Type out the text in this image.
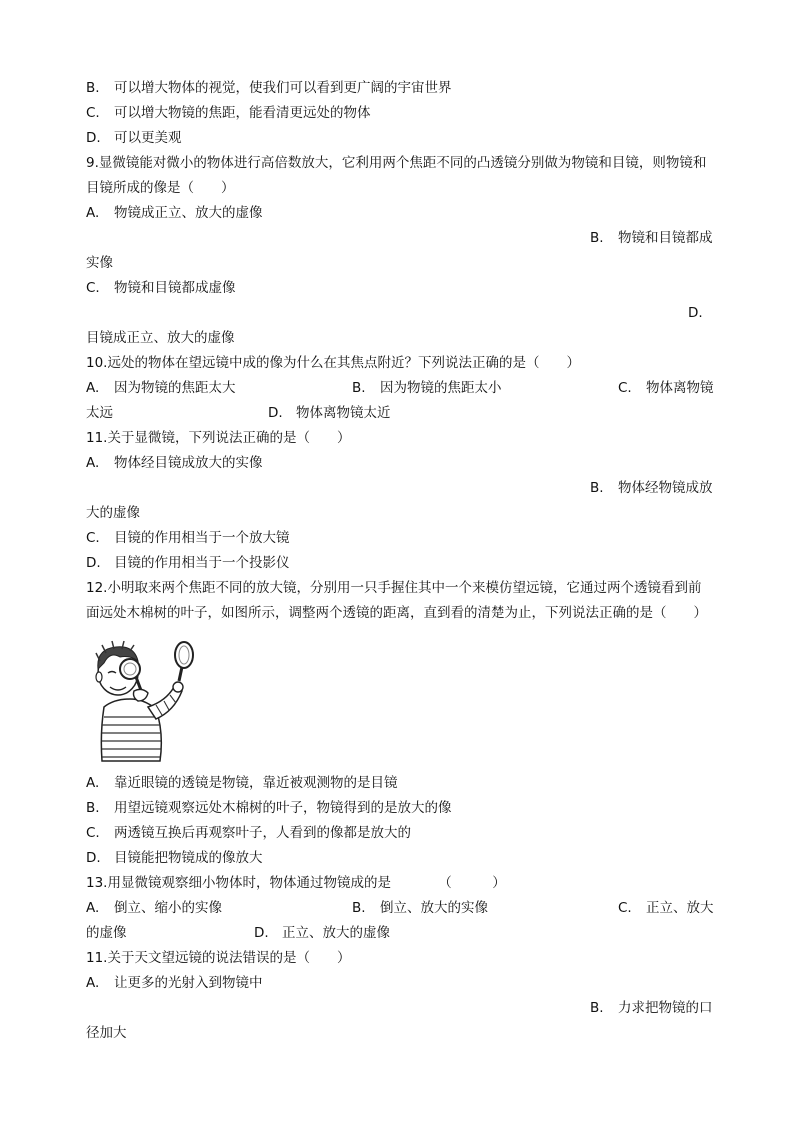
B. 可以增大物体的视觉，使我们可以看到更广阔的宇宙世界
C. 可以增大物镜的焦距，能看清更远处的物体
D. 可以更美观
9.显微镜能对微小的物体进行高倍数放大，它利用两个焦距不同的凸透镜分别做为物镜和目镜，则物镜和
目镜所成的像是（　　）
A. 物镜成正立、放大的虚像
B. 物镜和目镜都成
实像
C. 物镜和目镜都成虚像
D.
目镜成正立、放大的虚像
10.远处的物体在望远镜中成的像为什么在其焦点附近？下列说法正确的是（　　）
A. 因为物镜的焦距太大	B. 因为物镜的焦距太小	C. 物体离物镜
太远	D. 物体离物镜太近
11.关于显微镜，下列说法正确的是（　　）
A. 物体经目镜成放大的实像
B. 物体经物镜成放
大的虚像
C. 目镜的作用相当于一个放大镜
D. 目镜的作用相当于一个投影仪
12.小明取来两个焦距不同的放大镜，分别用一只手握住其中一个来模仿望远镜，它通过两个透镜看到前
面远处木棉树的叶子，如图所示，调整两个透镜的距离，直到看的清楚为止，下列说法正确的是（　　）
A. 靠近眼镜的透镜是物镜，靠近被观测物的是目镜
B. 用望远镜观察远处木棉树的叶子，物镜得到的是放大的像
C. 两透镜互换后再观察叶子，人看到的像都是放大的
D. 目镜能把物镜成的像放大
13.用显微镜观察细小物体时，物体通过物镜成的是　　　　（　　　）
A. 倒立、缩小的实像	B. 倒立、放大的实像	C. 正立、放大
的虚像	D. 正立、放大的虚像
11.关于天文望远镜的说法错误的是（　　）
A. 让更多的光射入到物镜中
B. 力求把物镜的口
径加大
